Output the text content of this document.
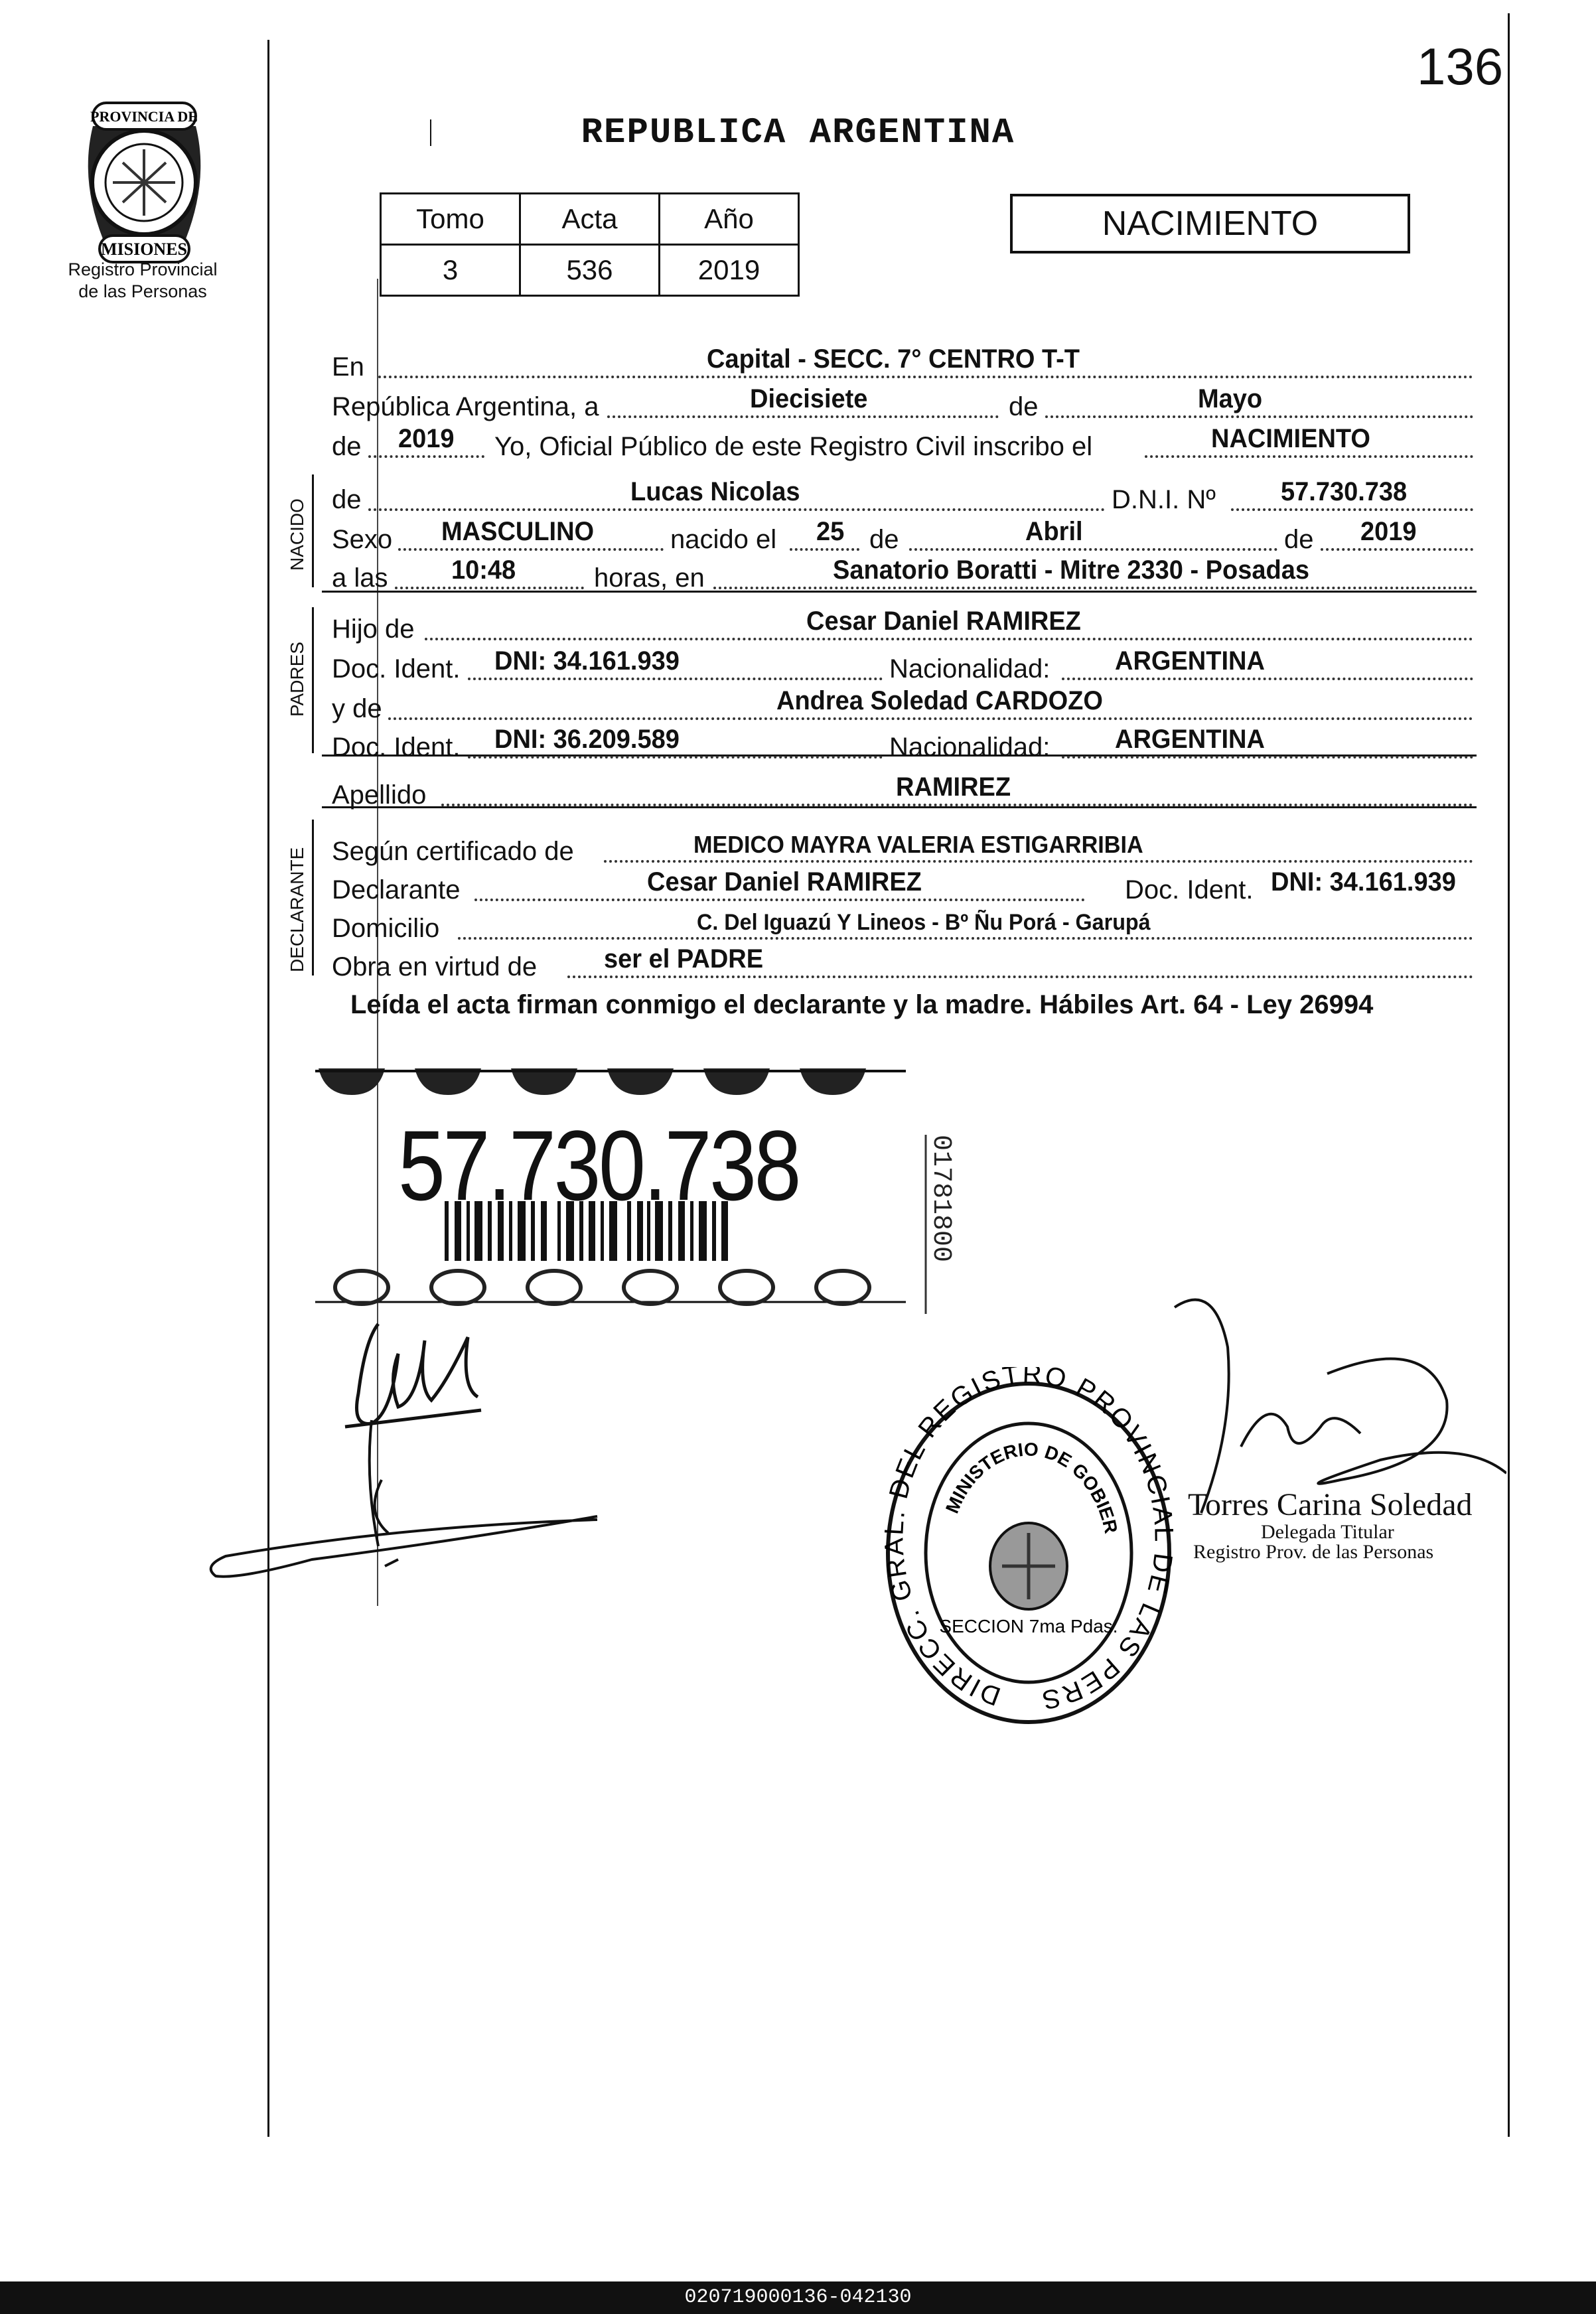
136
PROVINCIA DE
MISIONES
Registro Provincial
de las Personas
REPUBLICA ARGENTINA
Tomo	Acta	Año
3	536	2019
NACIMIENTO
NACIDO
PADRES
DECLARANTE
En	Capital - SECC. 7° CENTRO T-T
República Argentina, a	Diecisiete	de	Mayo
de 2019 Yo, Oficial Público de este Registro Civil inscribo el	NACIMIENTO
de	Lucas Nicolas	D.N.I. Nº 57.730.738
Sexo MASCULINO	nacido el 25 de	Abril	de 2019
a las 10:48	horas, en	Sanatorio Boratti - Mitre 2330 - Posadas
Hijo de	Cesar Daniel RAMIREZ
Doc. Ident. DNI: 34.161.939	Nacionalidad: ARGENTINA
y de	Andrea Soledad CARDOZO
Doc. Ident. DNI: 36.209.589	Nacionalidad: ARGENTINA
Apellido	RAMIREZ
Según certificado de	MEDICO MAYRA VALERIA ESTIGARRIBIA
Declarante	Cesar Daniel RAMIREZ	Doc. Ident. DNI: 34.161.939
Domicilio	C. Del Iguazú Y Lineos - Bº Ñu Porá - Garupá
Obra en virtud de	ser el PADRE
Leída el acta firman conmigo el declarante y la madre. Hábiles Art. 64 - Ley 26994
57.730.738	01781800
DIRECC. GRAL. DEL REGISTRO PROVINCIAL DE LAS PERS
MINISTERIO DE GOBIER
SECCION 7ma Pdas.
Torres Carina Soledad
Delegada Titular
Registro Prov. de las Personas
020719000136-042130
